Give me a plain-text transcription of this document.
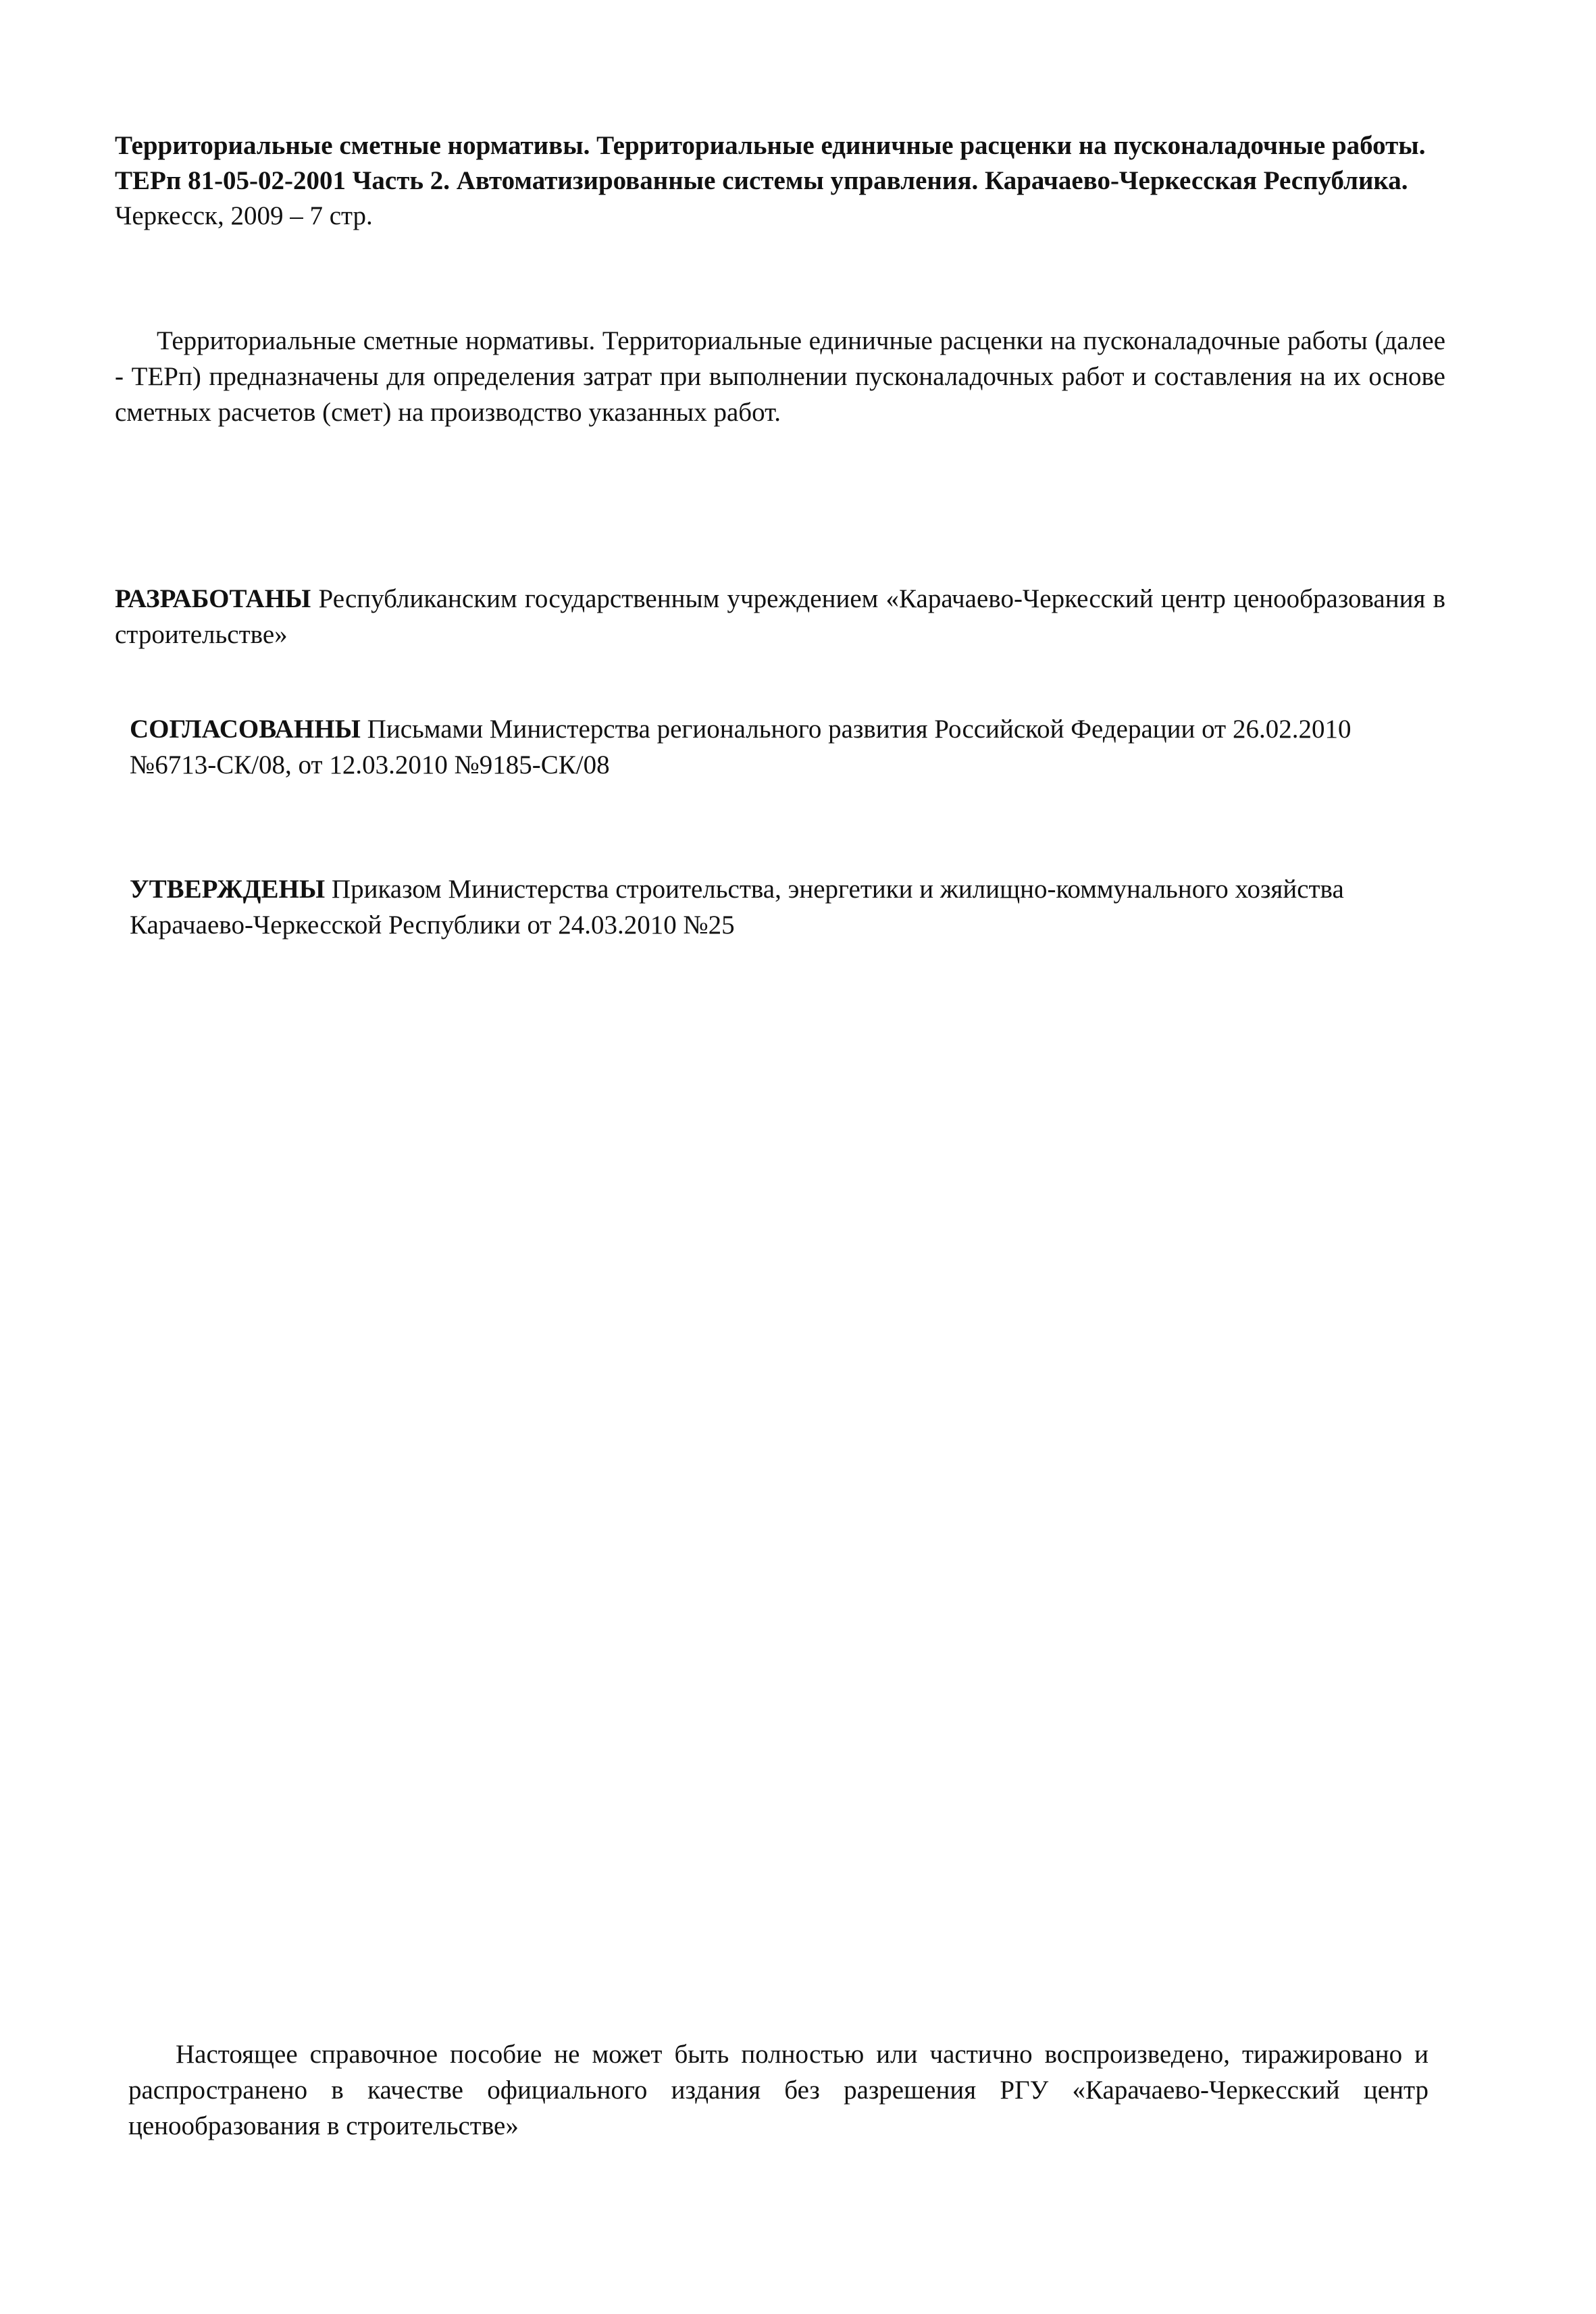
Территориальные сметные нормативы. Территориальные единичные расценки на пусконаладочные работы.
ТЕРп 81-05-02-2001 Часть 2. Автоматизированные системы управления. Карачаево-Черкесская Республика.
Черкесск, 2009 – 7 стр.
Территориальные сметные нормативы. Территориальные единичные расценки на пусконаладочные работы (далее - ТЕРп) предназначены для определения затрат при выполнении пусконаладочных работ и составления на их основе сметных расчетов (смет) на производство указанных работ.
РАЗРАБОТАНЫ Республиканским государственным учреждением «Карачаево-Черкесский центр ценообразования в строительстве»
СОГЛАСОВАННЫ Письмами Министерства регионального развития Российской Федерации от 26.02.2010 №6713-СК/08, от 12.03.2010 №9185-СК/08
УТВЕРЖДЕНЫ Приказом Министерства строительства, энергетики и жилищно-коммунального хозяйства Карачаево-Черкесской Республики от 24.03.2010 №25
Настоящее справочное пособие не может быть полностью или частично воспроизведено, тиражировано и распространено в качестве официального издания без разрешения РГУ «Карачаево-Черкесский центр ценообразования в строительстве»
